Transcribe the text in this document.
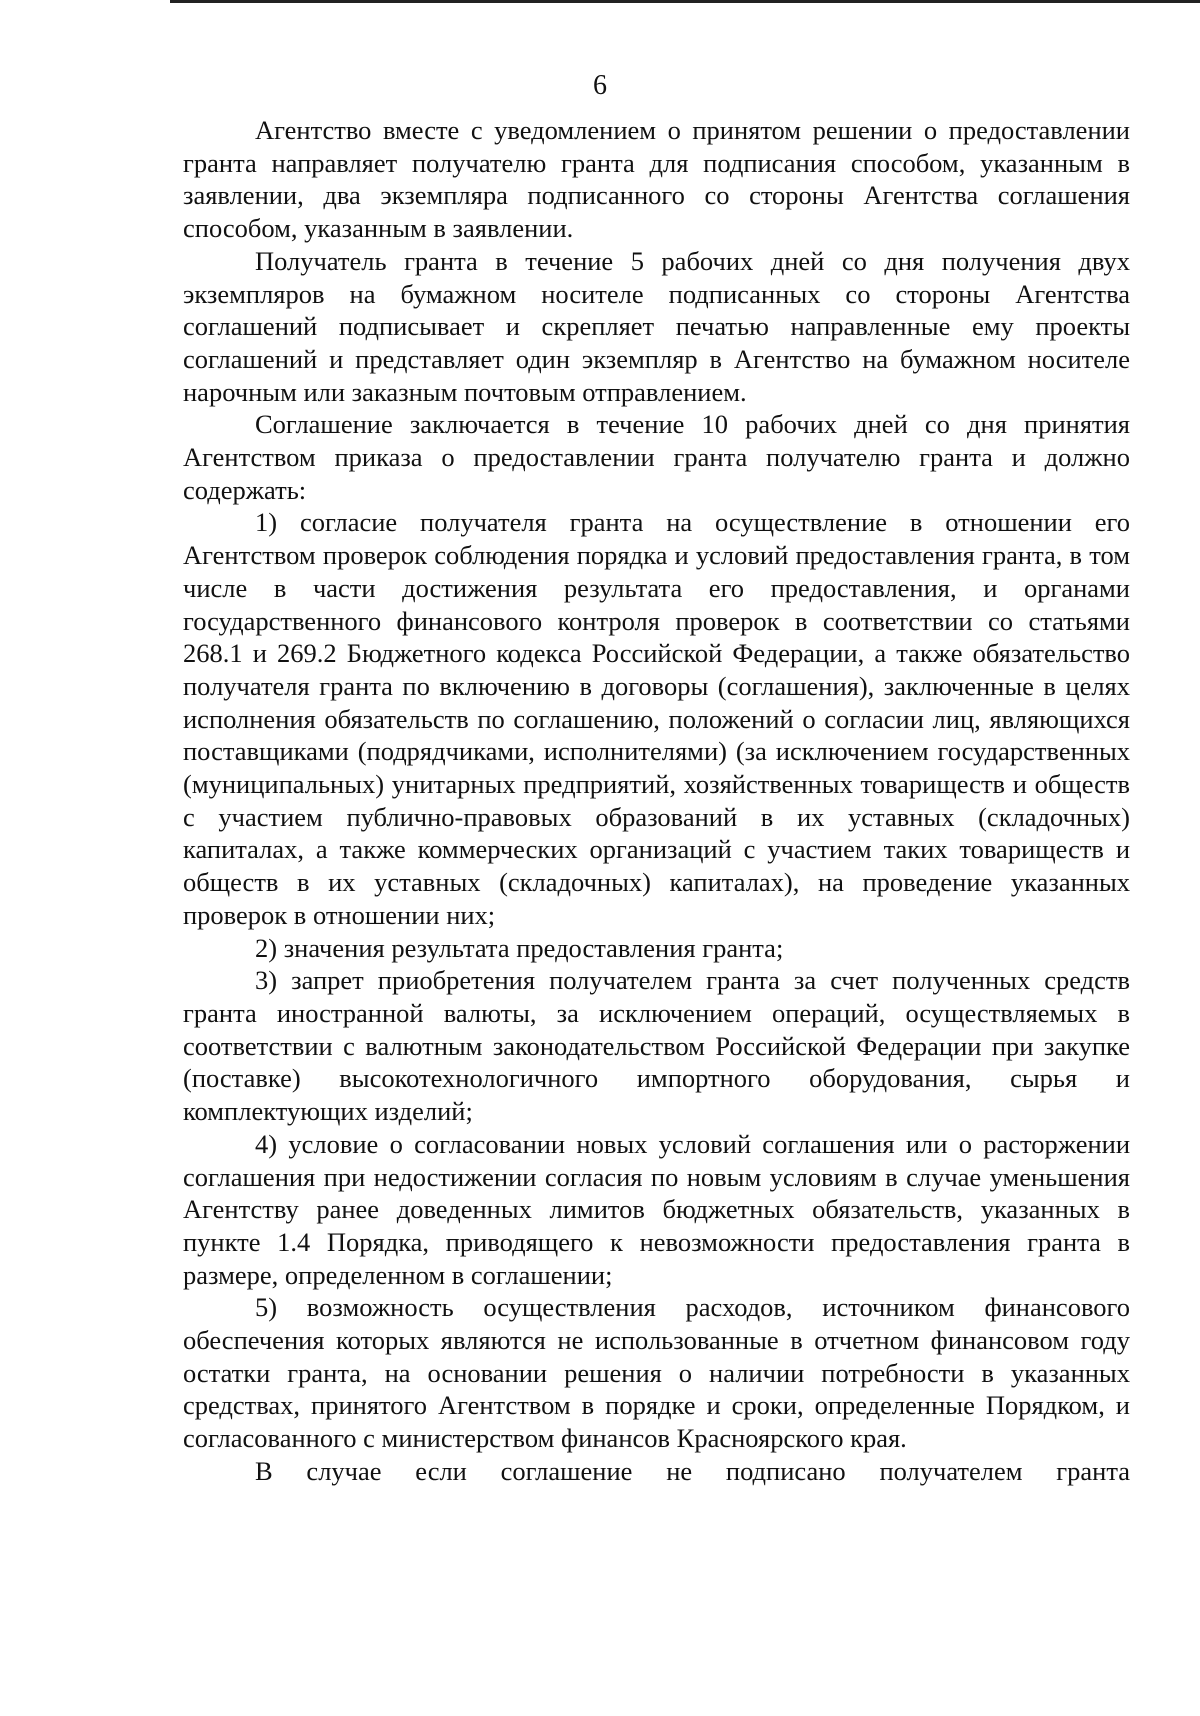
6

Агентство вместе с уведомлением о принятом решении о предоставлении гранта направляет получателю гранта для подписания способом, указанным в заявлении, два экземпляра подписанного со стороны Агентства соглашения способом, указанным в заявлении.

Получатель гранта в течение 5 рабочих дней со дня получения двух экземпляров на бумажном носителе подписанных со стороны Агентства соглашений подписывает и скрепляет печатью направленные ему проекты соглашений и представляет один экземпляр в Агентство на бумажном носителе нарочным или заказным почтовым отправлением.

Соглашение заключается в течение 10 рабочих дней со дня принятия Агентством приказа о предоставлении гранта получателю гранта и должно содержать:

1) согласие получателя гранта на осуществление в отношении его Агентством проверок соблюдения порядка и условий предоставления гранта, в том числе в части достижения результата его предоставления, и органами государственного финансового контроля проверок в соответствии со статьями 268.1 и 269.2 Бюджетного кодекса Российской Федерации, а также обязательство получателя гранта по включению в договоры (соглашения), заключенные в целях исполнения обязательств по соглашению, положений о согласии лиц, являющихся поставщиками (подрядчиками, исполнителями) (за исключением государственных (муниципальных) унитарных предприятий, хозяйственных товариществ и обществ с участием публично-правовых образований в их уставных (складочных) капиталах, а также коммерческих организаций с участием таких товариществ и обществ в их уставных (складочных) капиталах), на проведение указанных проверок в отношении них;

2) значения результата предоставления гранта;

3) запрет приобретения получателем гранта за счет полученных средств гранта иностранной валюты, за исключением операций, осуществляемых в соответствии с валютным законодательством Российской Федерации при закупке (поставке) высокотехнологичного импортного оборудования, сырья и комплектующих изделий;

4) условие о согласовании новых условий соглашения или о расторжении соглашения при недостижении согласия по новым условиям в случае уменьшения Агентству ранее доведенных лимитов бюджетных обязательств, указанных в пункте 1.4 Порядка, приводящего к невозможности предоставления гранта в размере, определенном в соглашении;

5) возможность осуществления расходов, источником финансового обеспечения которых являются не использованные в отчетном финансовом году остатки гранта, на основании решения о наличии потребности в указанных средствах, принятого Агентством в порядке и сроки, определенные Порядком, и согласованного с министерством финансов Красноярского края.

В случае если соглашение не подписано получателем гранта
